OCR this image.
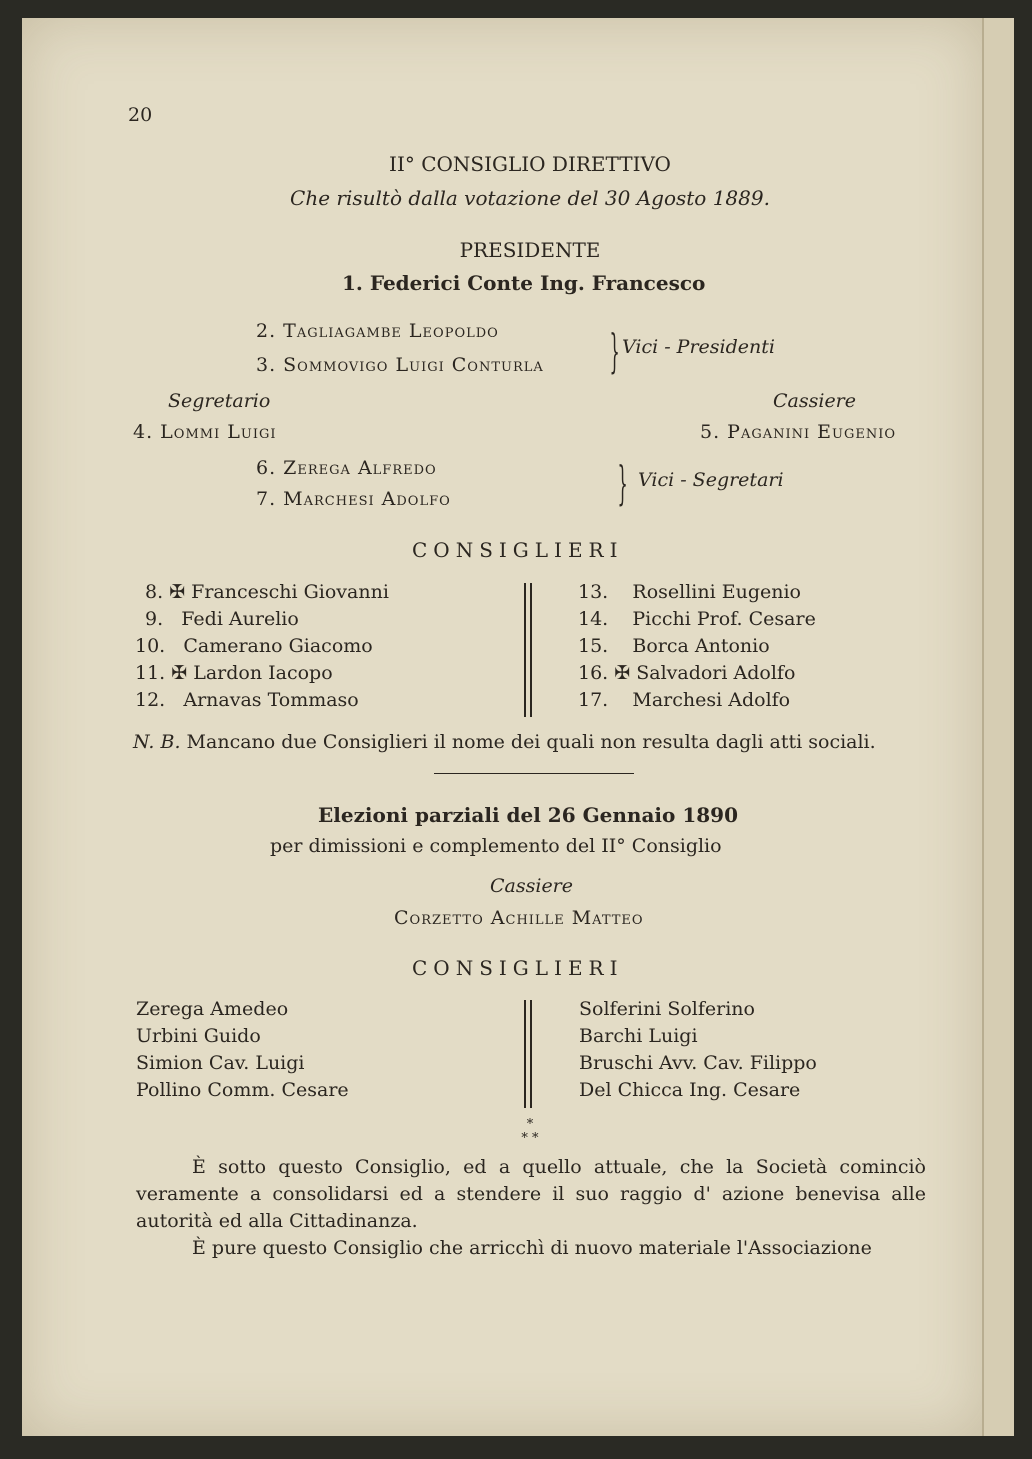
20
II° CONSIGLIO DIRETTIVO
Che risultò dalla votazione del 30 Agosto 1889.
PRESIDENTE
1. Federici Conte Ing. Francesco
2. Tagliagambe Leopoldo
3. Sommovigo Luigi Conturla } Vici - Presidenti
Segretario
4. Lommi Luigi
Cassiere
5. Paganini Eugenio
6. Zerega Alfredo
7. Marchesi Adolfo	} Vici - Segretari
CONSIGLIERI
8. ✠ Franceschi Giovanni
9. Fedi Aurelio
10. Camerano Giacomo
11. ✠ Lardon Iacopo
12. Arnavas Tommaso
13. Rosellini Eugenio
14. Picchi Prof. Cesare
15. Borca Antonio
16. ✠ Salvadori Adolfo
17. Marchesi Adolfo
N. B. Mancano due Consiglieri il nome dei quali non resulta dagli atti sociali.
Elezioni parziali del 26 Gennaio 1890
per dimissioni e complemento del II° Consiglio
Cassiere
Corzetto Achille Matteo
CONSIGLIERI
Zerega Amedeo
Urbini Guido
Simion Cav. Luigi
Pollino Comm. Cesare
Solferini Solferino
Barchi Luigi
Bruschi Avv. Cav. Filippo
Del Chicca Ing. Cesare
*
* *
È sotto questo Consiglio, ed a quello attuale, che la Società cominciò veramente a consolidarsi ed a stendere il suo raggio d' azione benevisa alle autorità ed alla Cittadinanza.
È pure questo Consiglio che arricchì di nuovo materiale l'Associazione
